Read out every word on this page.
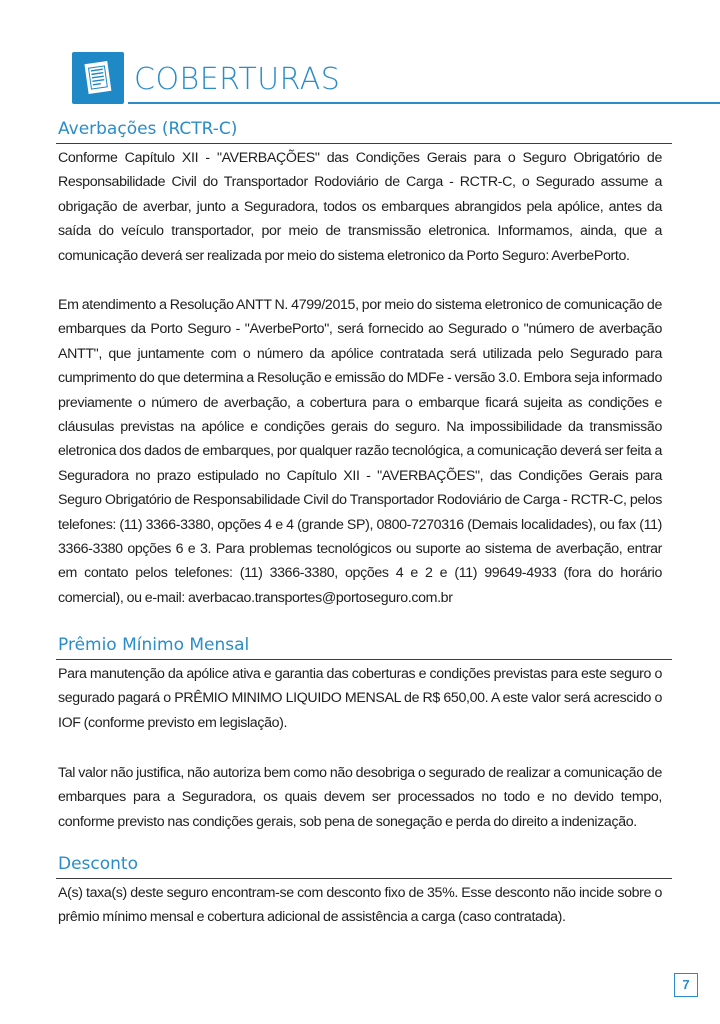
COBERTURAS
Averbações (RCTR-C)
Conforme Capítulo XII - "AVERBAÇÕES" das Condições Gerais para o Seguro Obrigatório de Responsabilidade Civil do Transportador Rodoviário de Carga - RCTR-C, o Segurado assume a obrigação de averbar, junto a Seguradora, todos os embarques abrangidos pela apólice, antes da saída do veículo transportador, por meio de transmissão eletronica. Informamos, ainda, que a comunicação deverá ser realizada por meio do sistema eletronico da Porto Seguro: AverbePorto.
Em atendimento a Resolução ANTT N. 4799/2015, por meio do sistema eletronico de comunicação de embarques da Porto Seguro - "AverbePorto", será fornecido ao Segurado o "número de averbação ANTT", que juntamente com o número da apólice contratada será utilizada pelo Segurado para cumprimento do que determina a Resolução e emissão do MDFe - versão 3.0. Embora seja informado previamente o número de averbação, a cobertura para o embarque ficará sujeita as condições e cláusulas previstas na apólice e condições gerais do seguro. Na impossibilidade da transmissão eletronica dos dados de embarques, por qualquer razão tecnológica, a comunicação deverá ser feita a Seguradora no prazo estipulado no Capítulo XII - "AVERBAÇÕES", das Condições Gerais para Seguro Obrigatório de Responsabilidade Civil do Transportador Rodoviário de Carga - RCTR-C, pelos telefones: (11) 3366-3380, opções 4 e 4 (grande SP), 0800-7270316 (Demais localidades), ou fax (11) 3366-3380 opções 6 e 3. Para problemas tecnológicos ou suporte ao sistema de averbação, entrar em contato pelos telefones: (11) 3366-3380, opções 4 e 2 e (11) 99649-4933 (fora do horário comercial), ou e-mail: averbacao.transportes@portoseguro.com.br
Prêmio Mínimo Mensal
Para manutenção da apólice ativa e garantia das coberturas e condições previstas para este seguro o segurado pagará o PRÊMIO MINIMO LIQUIDO MENSAL de R$ 650,00. A este valor será acrescido o IOF (conforme previsto em legislação).
Tal valor não justifica, não autoriza bem como não desobriga o segurado de realizar a comunicação de embarques para a Seguradora, os quais devem ser processados no todo e no devido tempo, conforme previsto nas condições gerais, sob pena de sonegação e perda do direito a indenização.
Desconto
A(s) taxa(s) deste seguro encontram-se com desconto fixo de 35%. Esse desconto não incide sobre o prêmio mínimo mensal e cobertura adicional de assistência a carga (caso contratada).
7
